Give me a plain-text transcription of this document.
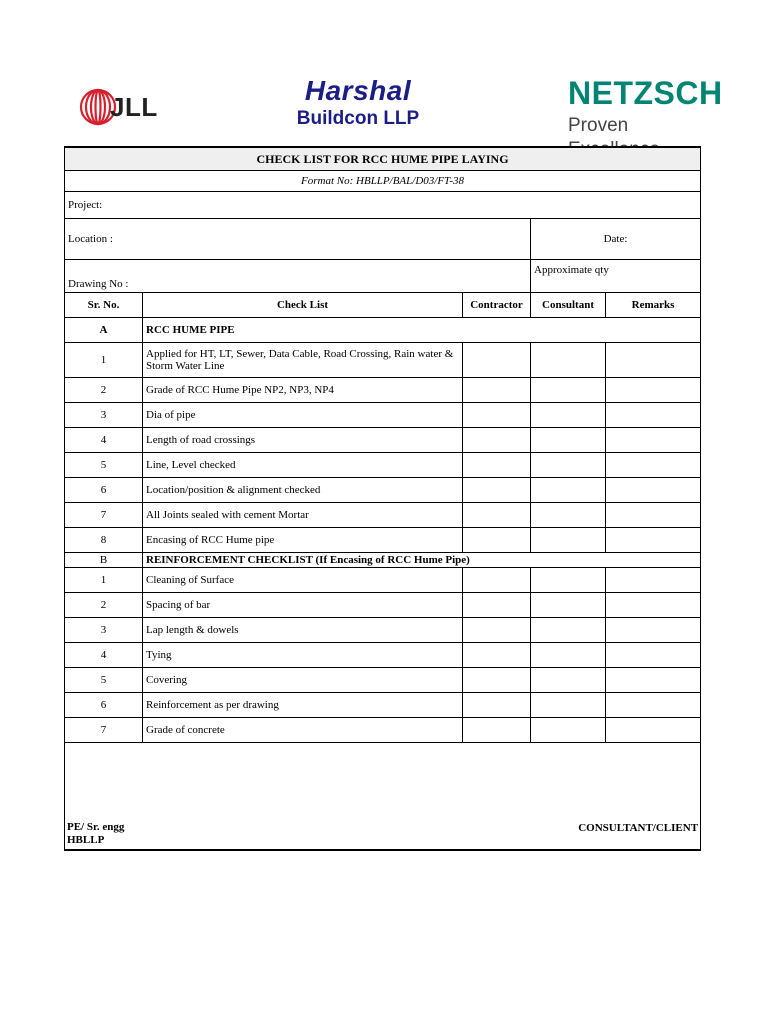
JLL
Harshal
Buildcon LLP
NETZSCH
Proven
CHECK LIST FOR RCC HUME PIPE LAYING				
Format No: HBLLP/BAL/D03/FT-38				
Project:				
Location :			Date:	
Drawing No :			Approximate qty	
Sr. No.	Check List	Contractor	Consultant	Remarks
A	RCC HUME PIPE			
1	Applied for HT, LT, Sewer, Data Cable, Road Crossing, Rain water & Storm Water Line			
2	Grade of RCC Hume Pipe NP2, NP3, NP4			
3	Dia of pipe			
4	Length of road crossings			
5	Line, Level checked			
6	Location/position & alignment checked			
7	All Joints sealed with cement Mortar			
8	Encasing of RCC Hume pipe			
B	REINFORCEMENT CHECKLIST (If Encasing of RCC Hume Pipe)			
1	Cleaning of Surface			
2	Spacing of bar			
3	Lap length & dowels			
4	Tying			
5	Covering			
6	Reinforcement as per drawing			
7	Grade of concrete			

PE/ Sr. engg
HBLLP
CONSULTANT/CLIENT				
